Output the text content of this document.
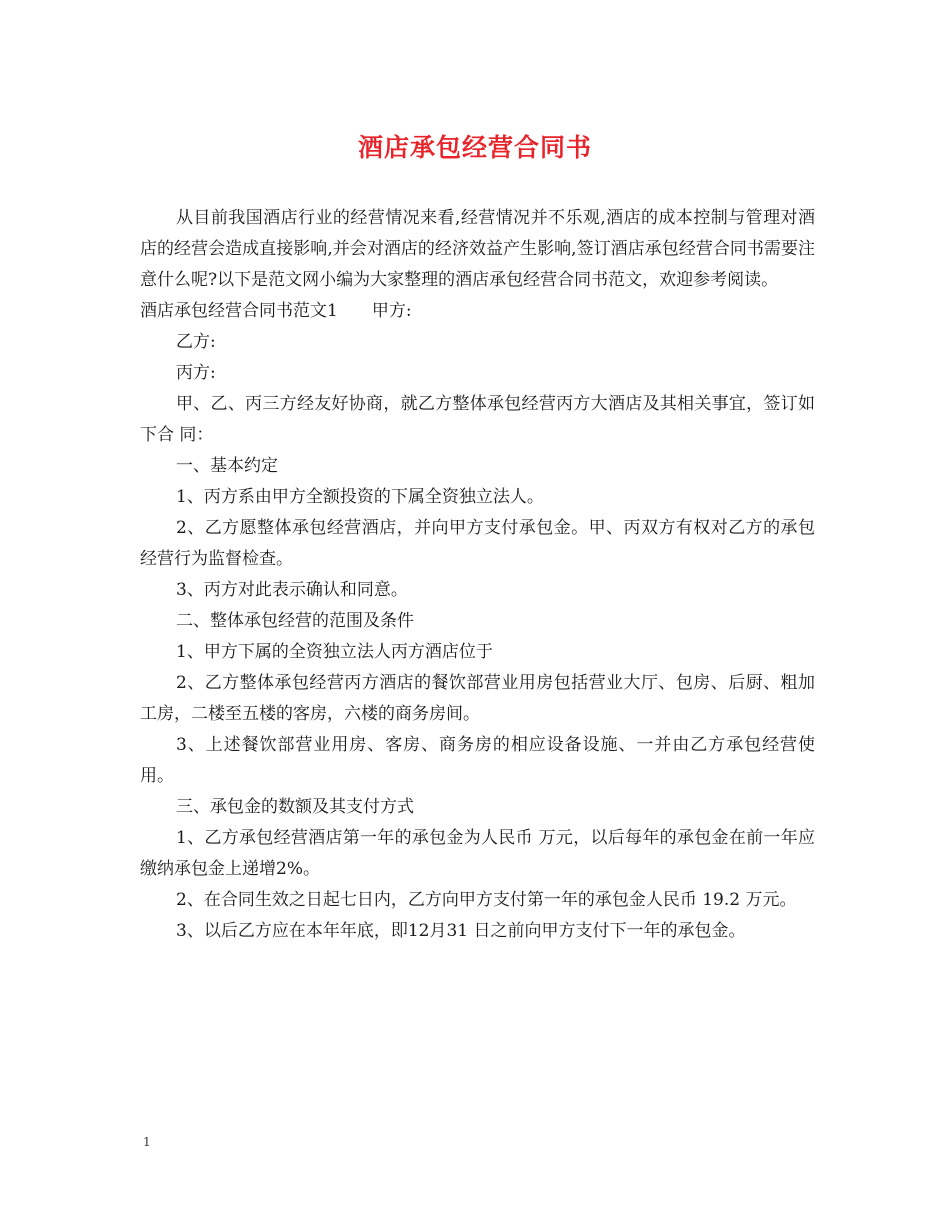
酒店承包经营合同书

从目前我国酒店行业的经营情况来看,经营情况并不乐观,酒店的成本控制与管理对酒店的经营会造成直接影响,并会对酒店的经济效益产生影响,签订酒店承包经营合同书需要注意什么呢?以下是范文网小编为大家整理的酒店承包经营合同书范文，欢迎参考阅读。

酒店承包经营合同书范文1 甲方:

乙方:

丙方:

甲、乙、丙三方经友好协商，就乙方整体承包经营丙方大酒店及其相关事宜，签订如下合 同：

一、基本约定

1、丙方系由甲方全额投资的下属全资独立法人。

2、乙方愿整体承包经营酒店，并向甲方支付承包金。甲、丙双方有权对乙方的承包经营行为监督检查。

3、丙方对此表示确认和同意。

二、整体承包经营的范围及条件

1、甲方下属的全资独立法人丙方酒店位于

2、乙方整体承包经营丙方酒店的餐饮部营业用房包括营业大厅、包房、后厨、粗加工房，二楼至五楼的客房，六楼的商务房间。

3、上述餐饮部营业用房、客房、商务房的相应设备设施、一并由乙方承包经营使用。

三、承包金的数额及其支付方式

1、乙方承包经营酒店第一年的承包金为人民币 万元，以后每年的承包金在前一年应缴纳承包金上递增2%。

2、在合同生效之日起七日内，乙方向甲方支付第一年的承包金人民币 19.2 万元。

3、以后乙方应在本年年底，即12月31 日之前向甲方支付下一年的承包金。

1
